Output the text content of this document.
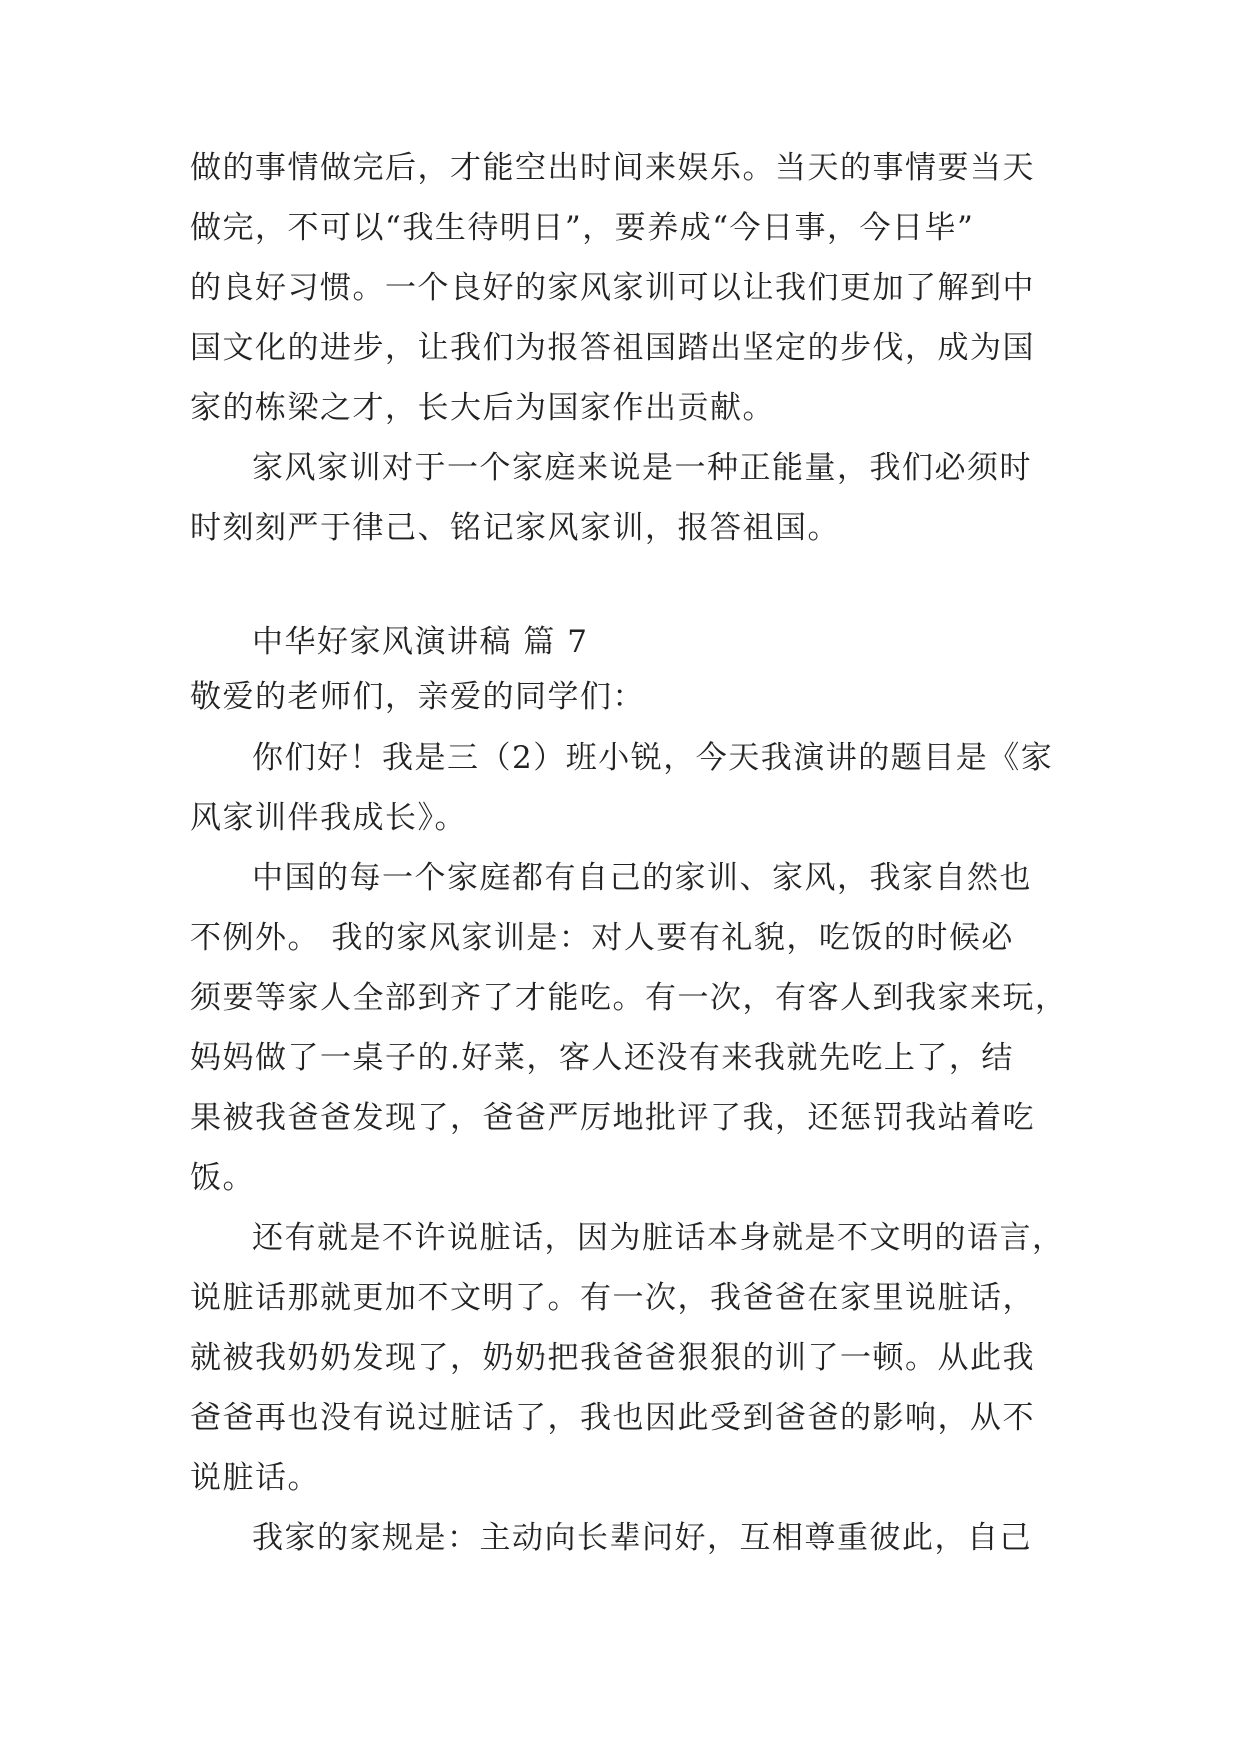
做的事情做完后，才能空出时间来娱乐。当天的事情要当天

做完，不可以“我生待明日”，要养成“今日事，今日毕”

的良好习惯。一个良好的家风家训可以让我们更加了解到中

国文化的进步，让我们为报答祖国踏出坚定的步伐，成为国

家的栋梁之才，长大后为国家作出贡献。

家风家训对于一个家庭来说是一种正能量，我们必须时

时刻刻严于律己、铭记家风家训，报答祖国。

中华好家风演讲稿 篇 7

敬爱的老师们，亲爱的同学们：

你们好！我是三（2）班小锐，今天我演讲的题目是《家

风家训伴我成长》。

中国的每一个家庭都有自己的家训、家风，我家自然也

不例外。 我的家风家训是：对人要有礼貌，吃饭的时候必

须要等家人全部到齐了才能吃。有一次，有客人到我家来玩，

妈妈做了一桌子的.好菜，客人还没有来我就先吃上了，结

果被我爸爸发现了，爸爸严厉地批评了我，还惩罚我站着吃

饭。

还有就是不许说脏话，因为脏话本身就是不文明的语言，

说脏话那就更加不文明了。有一次，我爸爸在家里说脏话，

就被我奶奶发现了，奶奶把我爸爸狠狠的训了一顿。从此我

爸爸再也没有说过脏话了，我也因此受到爸爸的影响，从不

说脏话。

我家的家规是：主动向长辈问好，互相尊重彼此，自己
